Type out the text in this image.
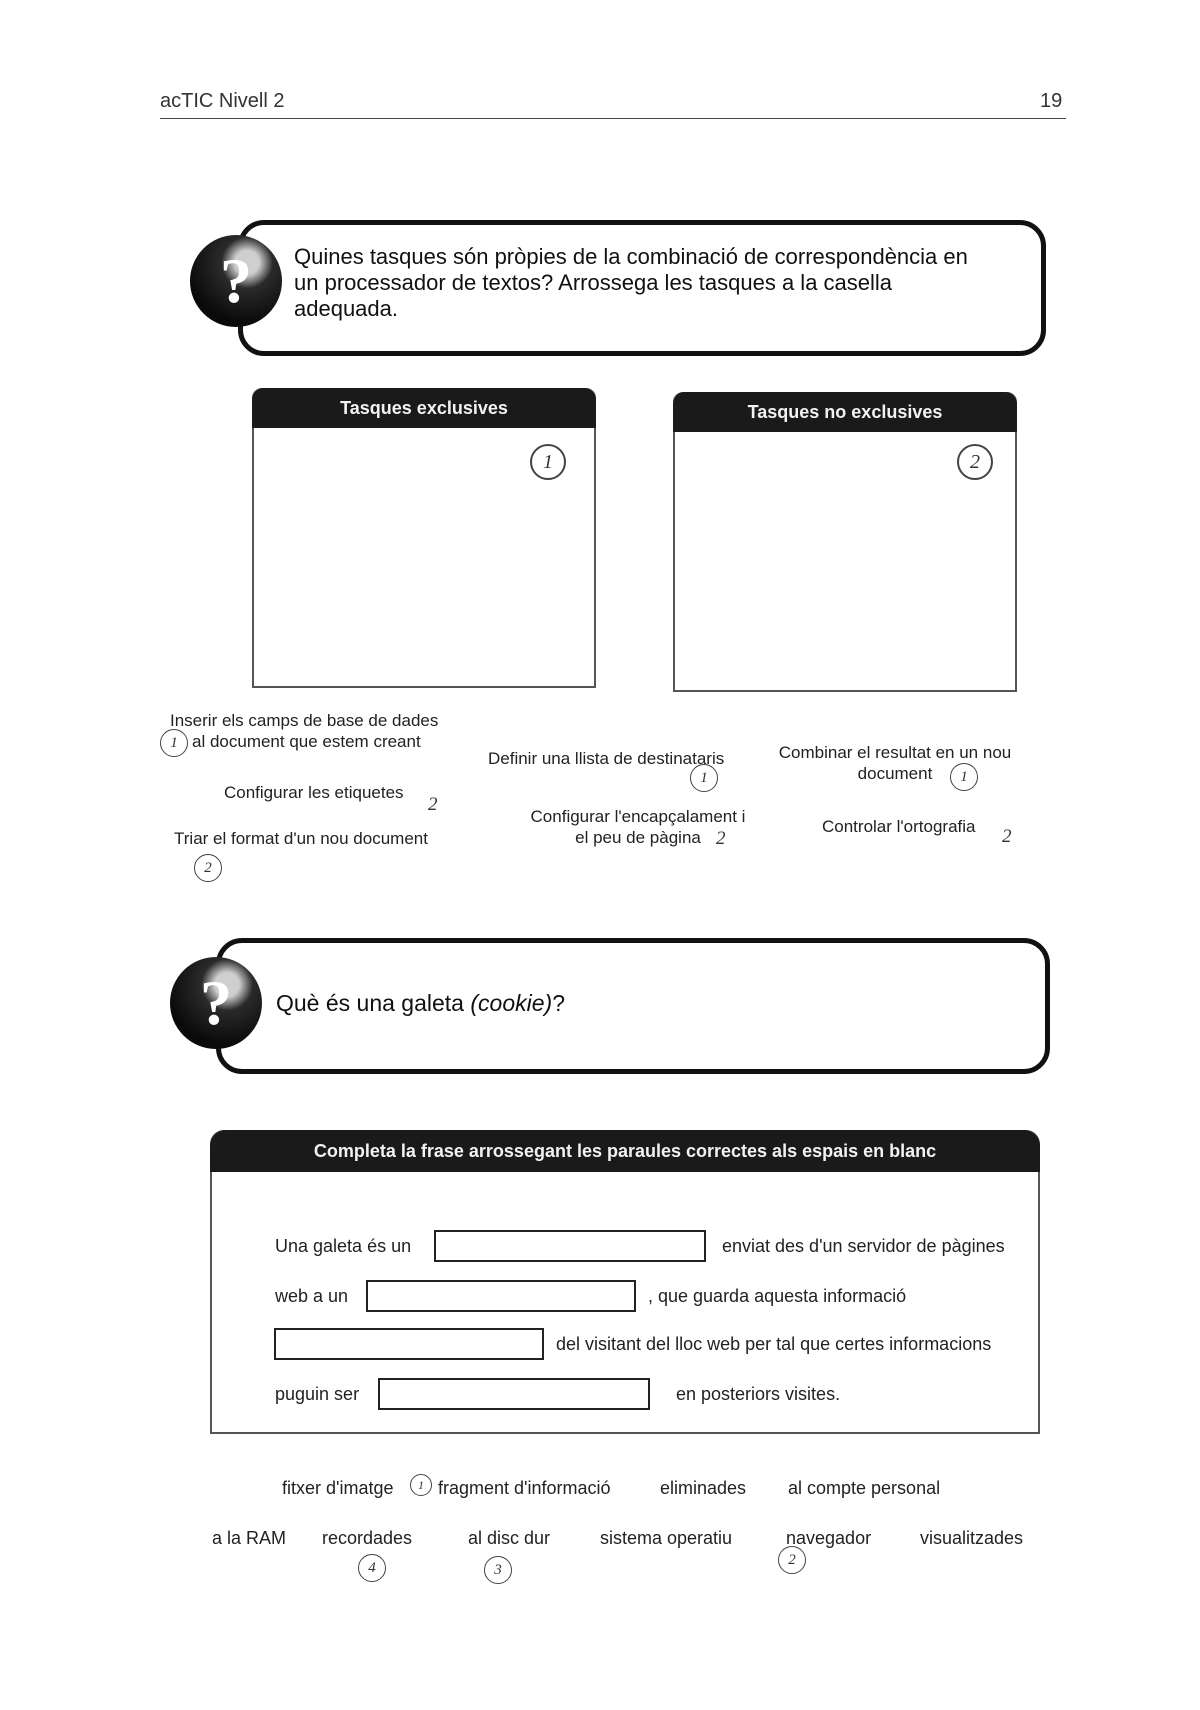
acTIC Nivell 2	19
?	Quines tasques són pròpies de la combinació de correspondència en un processador de textos? Arrossega les tasques a la casella adequada.
Tasques exclusives
1
Tasques no exclusives
2
Inserir els camps de base de dades
al document que estem creant
1
Definir una llista de destinataris
1
Combinar el resultat en un nou
document	1
Configurar les etiquetes
2
Configurar l'encapçalament i
el peu de pàgina 2
Controlar l'ortografia 2
Triar el format d'un nou document
2
?	Què és una galeta (cookie)?
Completa la frase arrossegant les paraules correctes als espais en blanc
Una galeta és un	enviat des d'un servidor de pàgines
web a un	, que guarda aquesta informació
del visitant del lloc web per tal que certes informacions
puguin ser	en posteriors visites.
fitxer d'imatge fragment d'informació	eliminades al compte personal
a la RAM recordades	al disc dur	sistema operatiu	navegador	visualitzades
1
4	3
2
